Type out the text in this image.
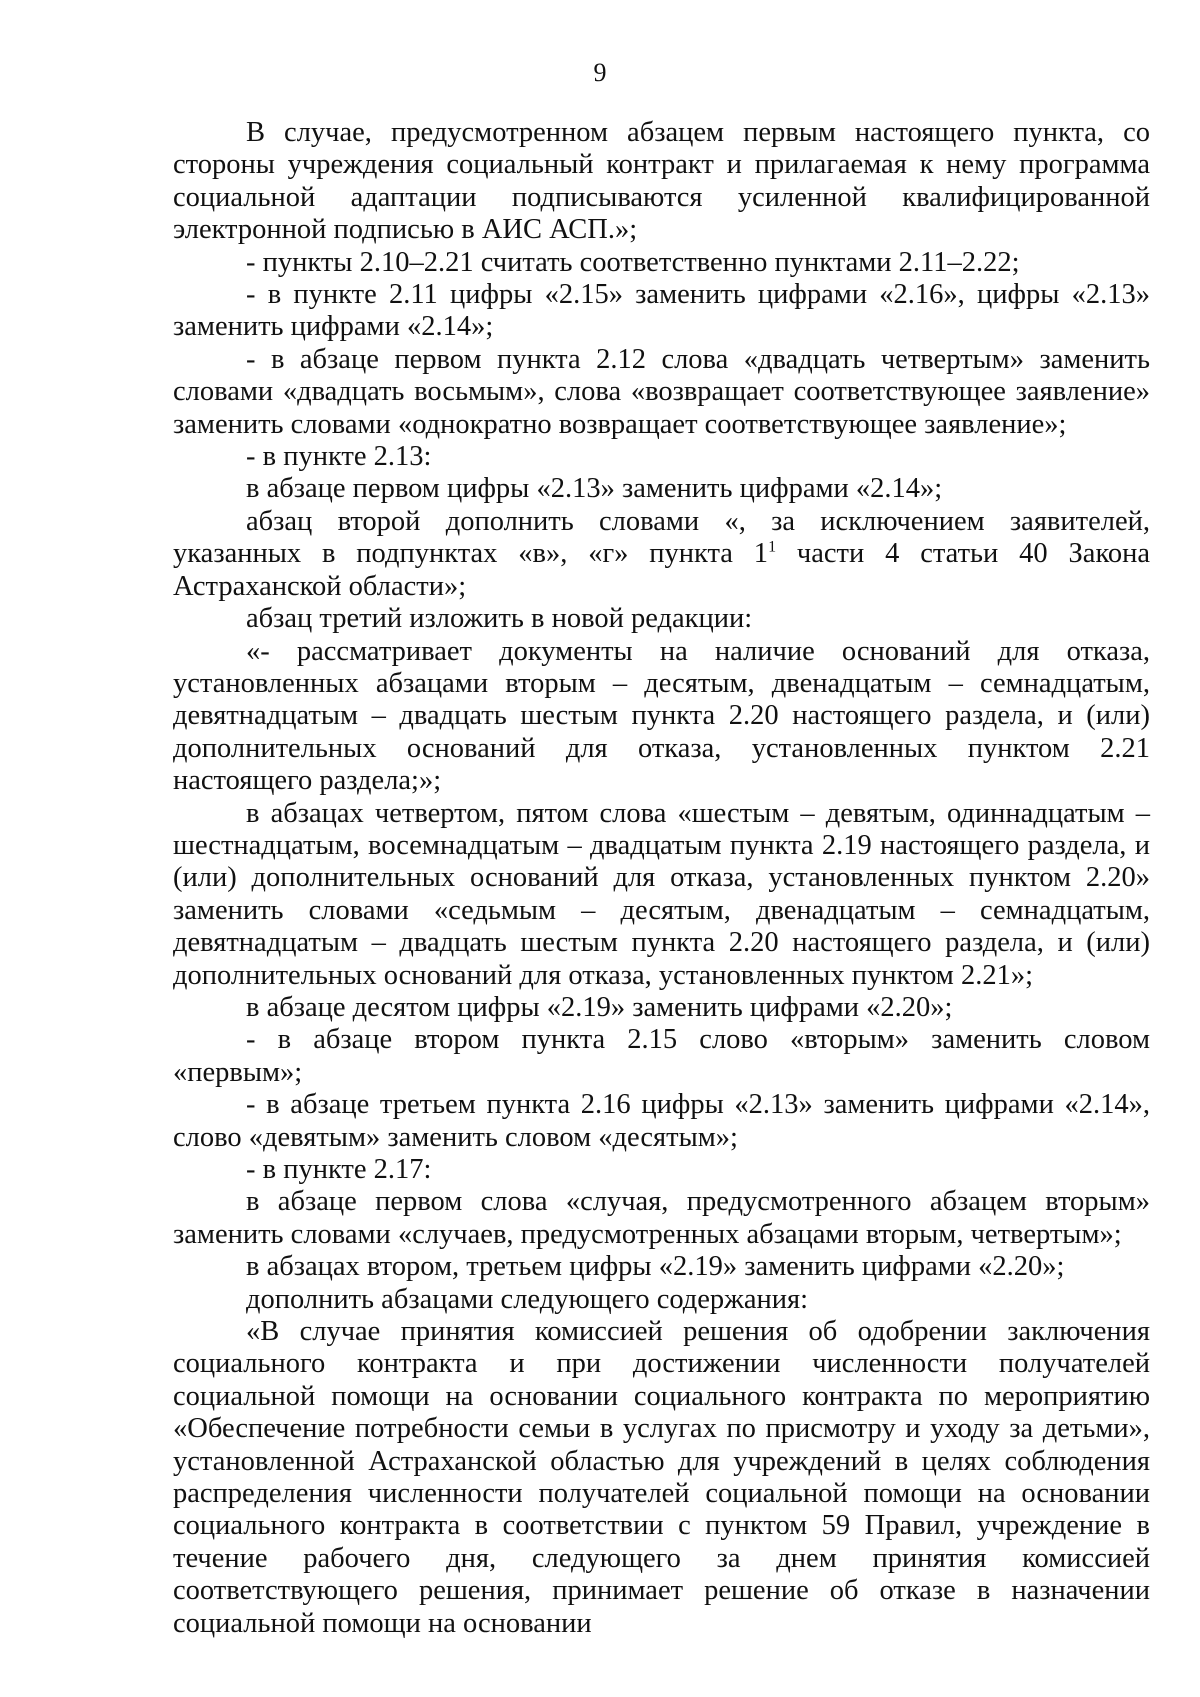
9

В случае, предусмотренном абзацем первым настоящего пункта, со стороны учреждения социальный контракт и прилагаемая к нему программа социальной адаптации подписываются усиленной квалифицированной электронной подписью в АИС АСП.»;

- пункты 2.10–2.21 считать соответственно пунктами 2.11–2.22;

- в пункте 2.11 цифры «2.15» заменить цифрами «2.16», цифры «2.13» заменить цифрами «2.14»;

- в абзаце первом пункта 2.12 слова «двадцать четвертым» заменить словами «двадцать восьмым», слова «возвращает соответствующее заявление» заменить словами «однократно возвращает соответствующее заявление»;

- в пункте 2.13:

в абзаце первом цифры «2.13» заменить цифрами «2.14»;

абзац второй дополнить словами «, за исключением заявителей, указанных в подпунктах «в», «г» пункта $1^1$ части 4 статьи 40 Закона Астраханской области»;

абзац третий изложить в новой редакции:

«- рассматривает документы на наличие оснований для отказа, установленных абзацами вторым – десятым, двенадцатым – семнадцатым, девятнадцатым – двадцать шестым пункта 2.20 настоящего раздела, и (или) дополнительных оснований для отказа, установленных пунктом 2.21 настоящего раздела;»;

в абзацах четвертом, пятом слова «шестым – девятым, одиннадцатым – шестнадцатым, восемнадцатым – двадцатым пункта 2.19 настоящего раздела, и (или) дополнительных оснований для отказа, установленных пунктом 2.20» заменить словами «седьмым – десятым, двенадцатым – семнадцатым, девятнадцатым – двадцать шестым пункта 2.20 настоящего раздела, и (или) дополнительных оснований для отказа, установленных пунктом 2.21»;

в абзаце десятом цифры «2.19» заменить цифрами «2.20»;

- в абзаце втором пункта 2.15 слово «вторым» заменить словом «первым»;

- в абзаце третьем пункта 2.16 цифры «2.13» заменить цифрами «2.14», слово «девятым» заменить словом «десятым»;

- в пункте 2.17:

в абзаце первом слова «случая, предусмотренного абзацем вторым» заменить словами «случаев, предусмотренных абзацами вторым, четвертым»;

в абзацах втором, третьем цифры «2.19» заменить цифрами «2.20»;

дополнить абзацами следующего содержания:

«В случае принятия комиссией решения об одобрении заключения социального контракта и при достижении численности получателей социальной помощи на основании социального контракта по мероприятию «Обеспечение потребности семьи в услугах по присмотру и уходу за детьми», установленной Астраханской областью для учреждений в целях соблюдения распределения численности получателей социальной помощи на основании социального контракта в соответствии с пунктом 59 Правил, учреждение в течение рабочего дня, следующего за днем принятия комиссией соответствующего решения, принимает решение об отказе в назначении социальной помощи на основании
